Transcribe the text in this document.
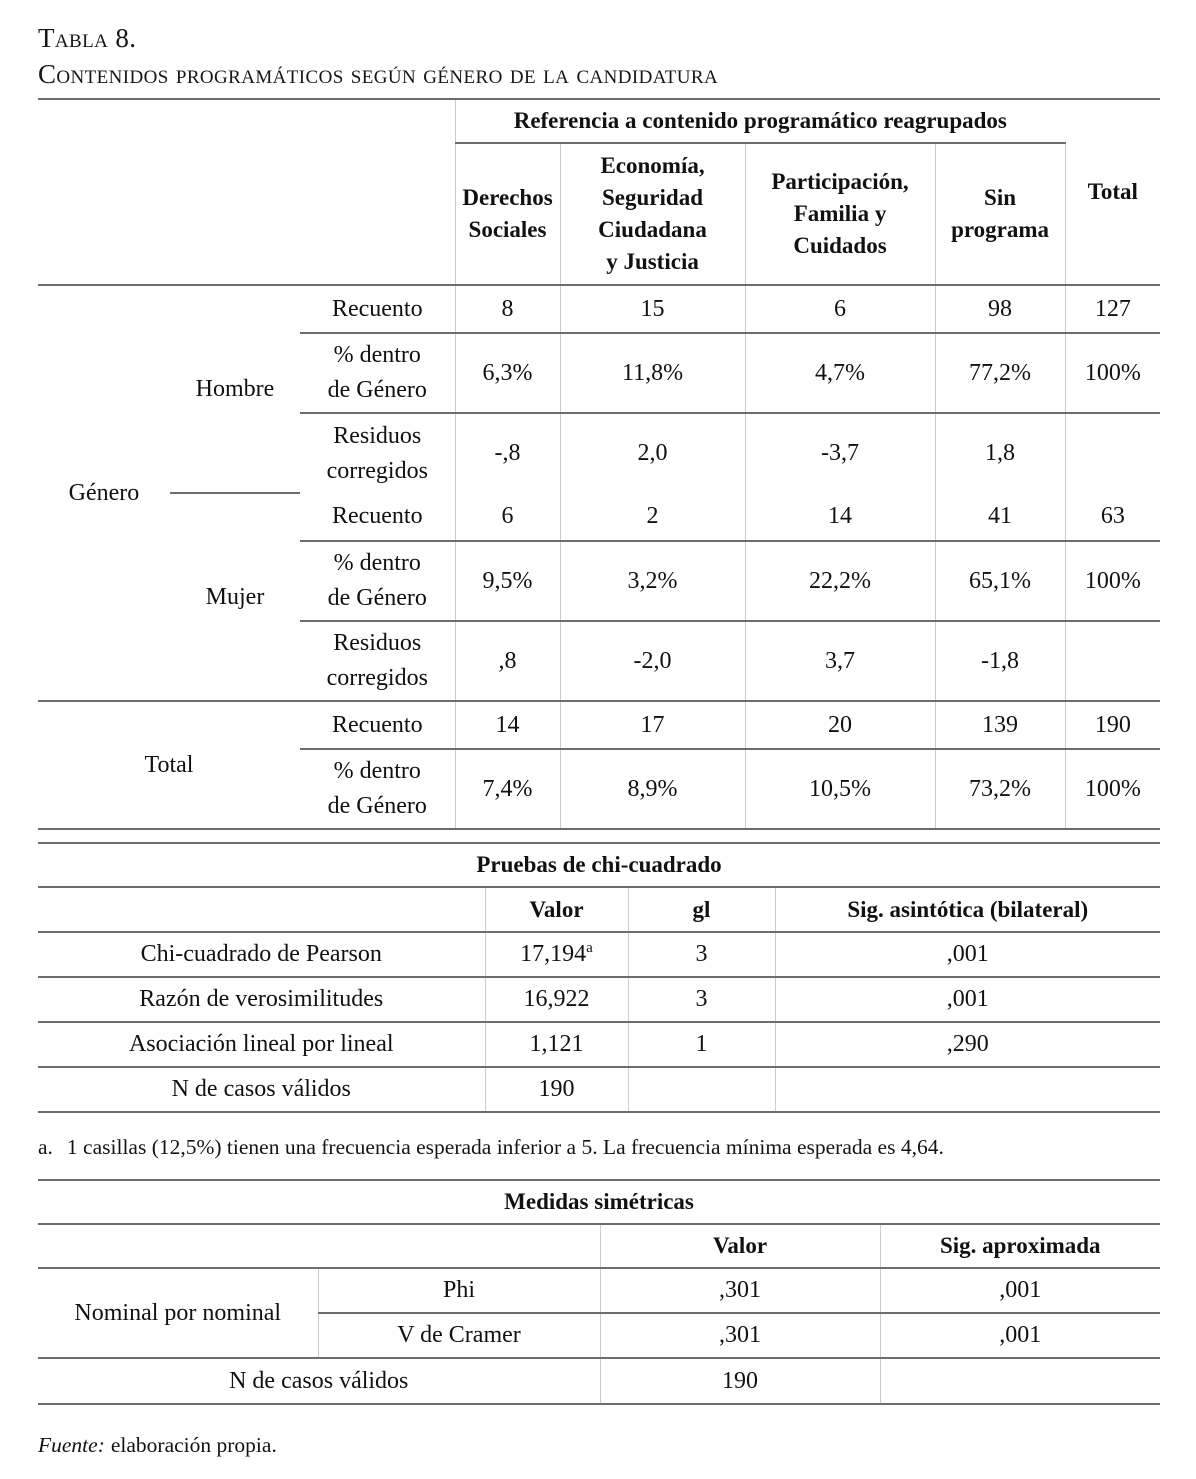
Tabla 8.
Contenidos programáticos según género de la candidatura
			Referencia a contenido programático reagrupados				Total
			Derechos Sociales	Economía, Seguridad Ciudadana y Justicia	Participación, Familia y Cuidados	Sin programa	
Género	Hombre	Recuento	8	15	6	98	127
		% dentro de Género	6,3%	11,8%	4,7%	77,2%	100%
		Residuos corregidos	-,8	2,0	-3,7	1,8	
	Mujer	Recuento	6	2	14	41	63
		% dentro de Género	9,5%	3,2%	22,2%	65,1%	100%
		Residuos corregidos	,8	-2,0	3,7	-1,8	
Total		Recuento	14	17	20	139	190
		% dentro de Género	7,4%	8,9%	10,5%	73,2%	100%
Pruebas de chi-cuadrado			
	Valor	gl	Sig. asintótica (bilateral)
Chi-cuadrado de Pearson	17,194$^a$	3	,001
Razón de verosimilitudes	16,922	3	,001
Asociación lineal por lineal	1,121	1	,290
N de casos válidos	190		

a. 1 casillas (12,5%) tienen una frecuencia esperada inferior a 5. La frecuencia mínima esperada es 4,64.

Medidas simétricas			
		Valor	Sig. aproximada
Nominal por nominal	Phi	,301	,001
	V de Cramer	,301	,001
N de casos válidos		190	

Fuente: elaboración propia.
